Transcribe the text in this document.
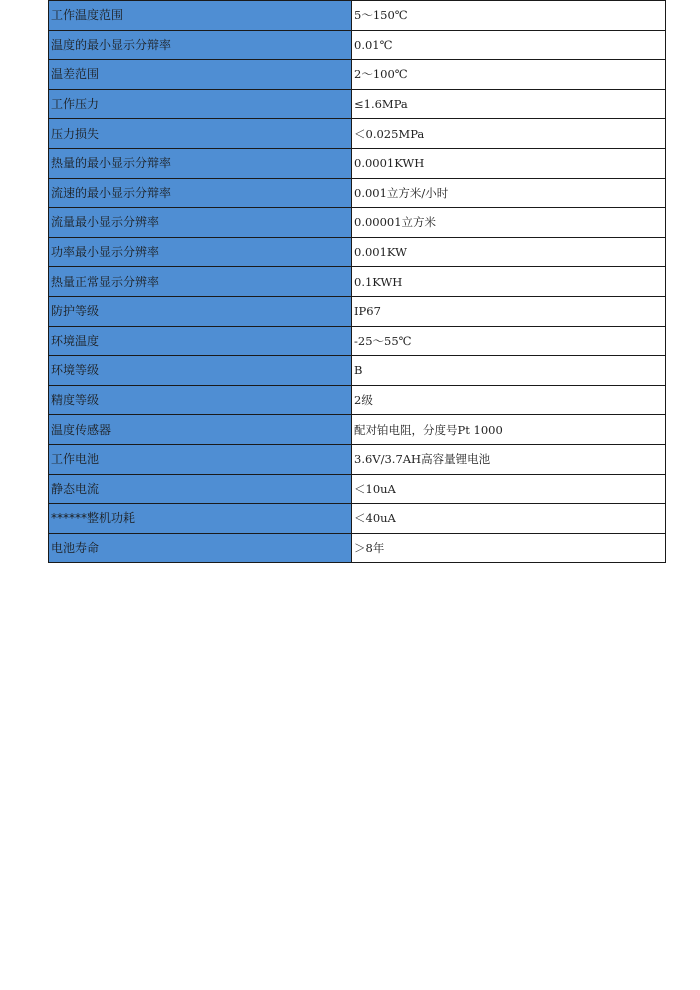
工作温度范围	5～150℃
温度的最小显示分辩率	0.01℃
温差范围	2～100℃
工作压力	≤1.6MPa
压力损失	＜0.025MPa
热量的最小显示分辩率	0.0001KWH
流速的最小显示分辩率	0.001立方米/小时
流量最小显示分辨率	0.00001立方米
功率最小显示分辨率	0.001KW
热量正常显示分辨率	0.1KWH
防护等级	IP67
环境温度	-25～55℃
环境等级	B
精度等级	2级
温度传感器	配对铂电阻，分度号Pt 1000
工作电池	3.6V/3.7AH高容量锂电池
静态电流	＜10uA
******整机功耗	＜40uA
电池寿命	＞8年
